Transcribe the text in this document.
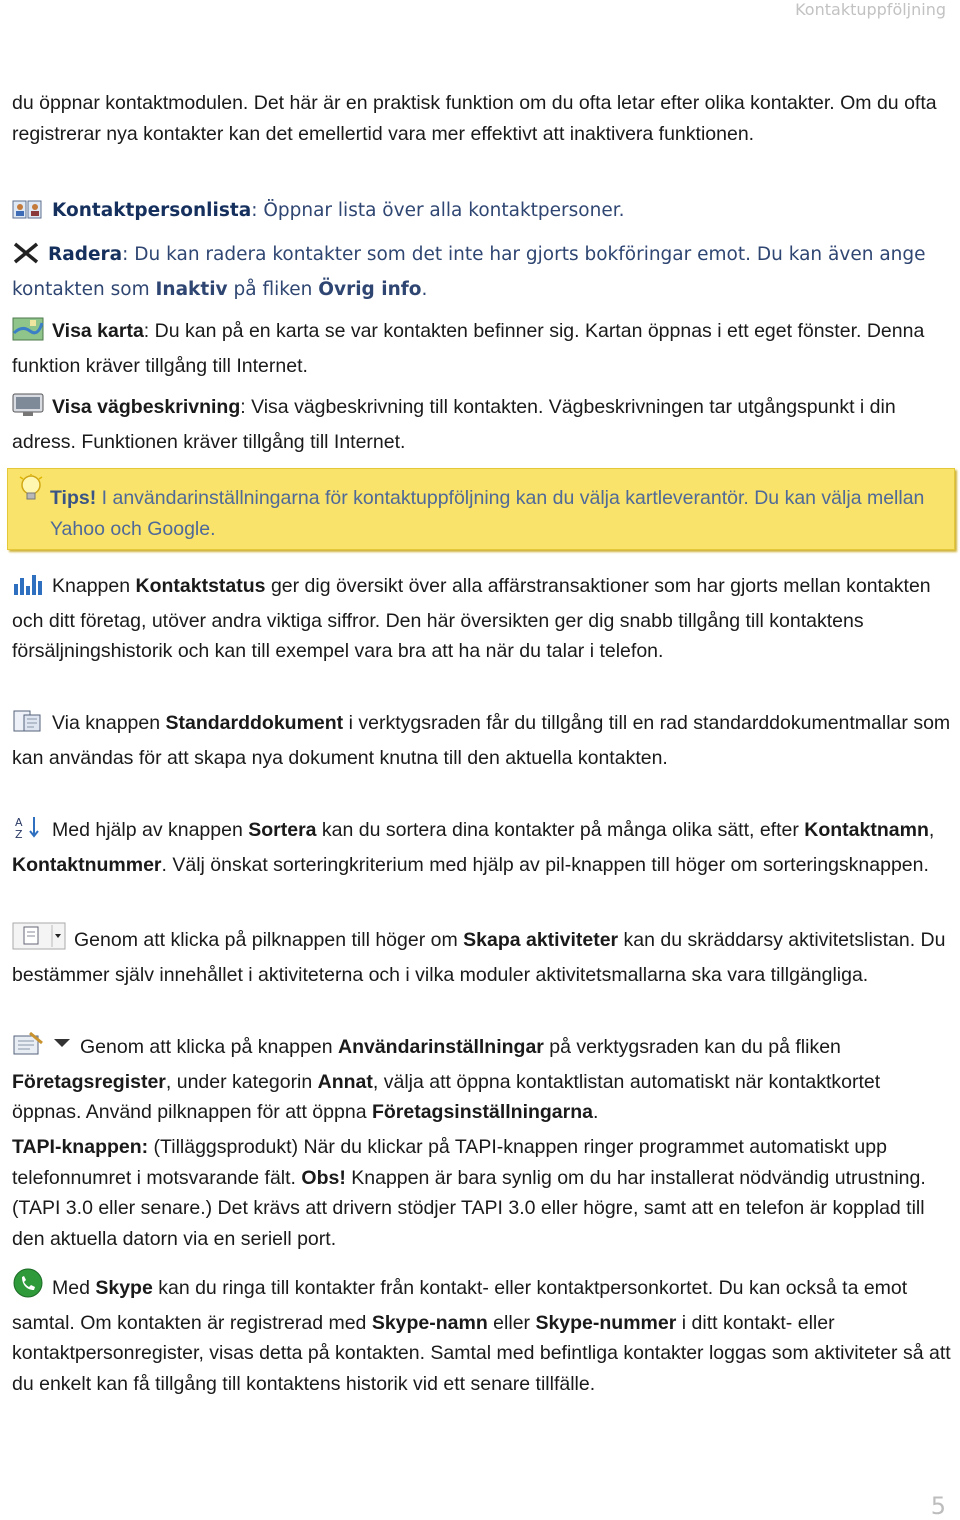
Kontaktuppföljning

du öppnar kontaktmodulen. Det här är en praktisk funktion om du ofta letar efter olika kontakter. Om du ofta registrerar nya kontakter kan det emellertid vara mer effektivt att inaktivera funktionen.

Kontaktpersonlista: Öppnar lista över alla kontaktpersoner.

Radera: Du kan radera kontakter som det inte har gjorts bokföringar emot. Du kan även ange kontakten som Inaktiv på fliken Övrig info.

Visa karta: Du kan på en karta se var kontakten befinner sig. Kartan öppnas i ett eget fönster. Denna funktion kräver tillgång till Internet.

Visa vägbeskrivning: Visa vägbeskrivning till kontakten. Vägbeskrivningen tar utgångspunkt i din adress. Funktionen kräver tillgång till Internet.

Tips! I användarinställningarna för kontaktuppföljning kan du välja kartleverantör. Du kan välja mellan Yahoo och Google.

Knappen Kontaktstatus ger dig översikt över alla affärstransaktioner som har gjorts mellan kontakten och ditt företag, utöver andra viktiga siffror. Den här översikten ger dig snabb tillgång till kontaktens försäljningshistorik och kan till exempel vara bra att ha när du talar i telefon.

Via knappen Standarddokument i verktygsraden får du tillgång till en rad standarddokumentmallar som kan användas för att skapa nya dokument knutna till den aktuella kontakten.

A
Z Med hjälp av knappen Sortera kan du sortera dina kontakter på många olika sätt, efter Kontaktnamn, Kontaktnummer. Välj önskat sorteringkriterium med hjälp av pil-knappen till höger om sorteringsknappen.

Genom att klicka på pilknappen till höger om Skapa aktiviteter kan du skräddarsy aktivitetslistan. Du bestämmer själv innehållet i aktiviteterna och i vilka moduler aktivitetsmallarna ska vara tillgängliga.

Genom att klicka på knappen Användarinställningar på verktygsraden kan du på fliken Företagsregister, under kategorin Annat, välja att öppna kontaktlistan automatiskt när kontaktkortet öppnas. Använd pilknappen för att öppna Företagsinställningarna.

TAPI-knappen: (Tilläggsprodukt) När du klickar på TAPI-knappen ringer programmet automatiskt upp telefonnumret i motsvarande fält. Obs! Knappen är bara synlig om du har installerat nödvändig utrustning. (TAPI 3.0 eller senare.) Det krävs att drivern stödjer TAPI 3.0 eller högre, samt att en telefon är kopplad till den aktuella datorn via en seriell port.

Med Skype kan du ringa till kontakter från kontakt- eller kontaktpersonkortet. Du kan också ta emot samtal. Om kontakten är registrerad med Skype-namn eller Skype-nummer i ditt kontakt- eller kontaktpersonregister, visas detta på kontakten. Samtal med befintliga kontakter loggas som aktiviteter så att du enkelt kan få tillgång till kontaktens historik vid ett senare tillfälle.

5
